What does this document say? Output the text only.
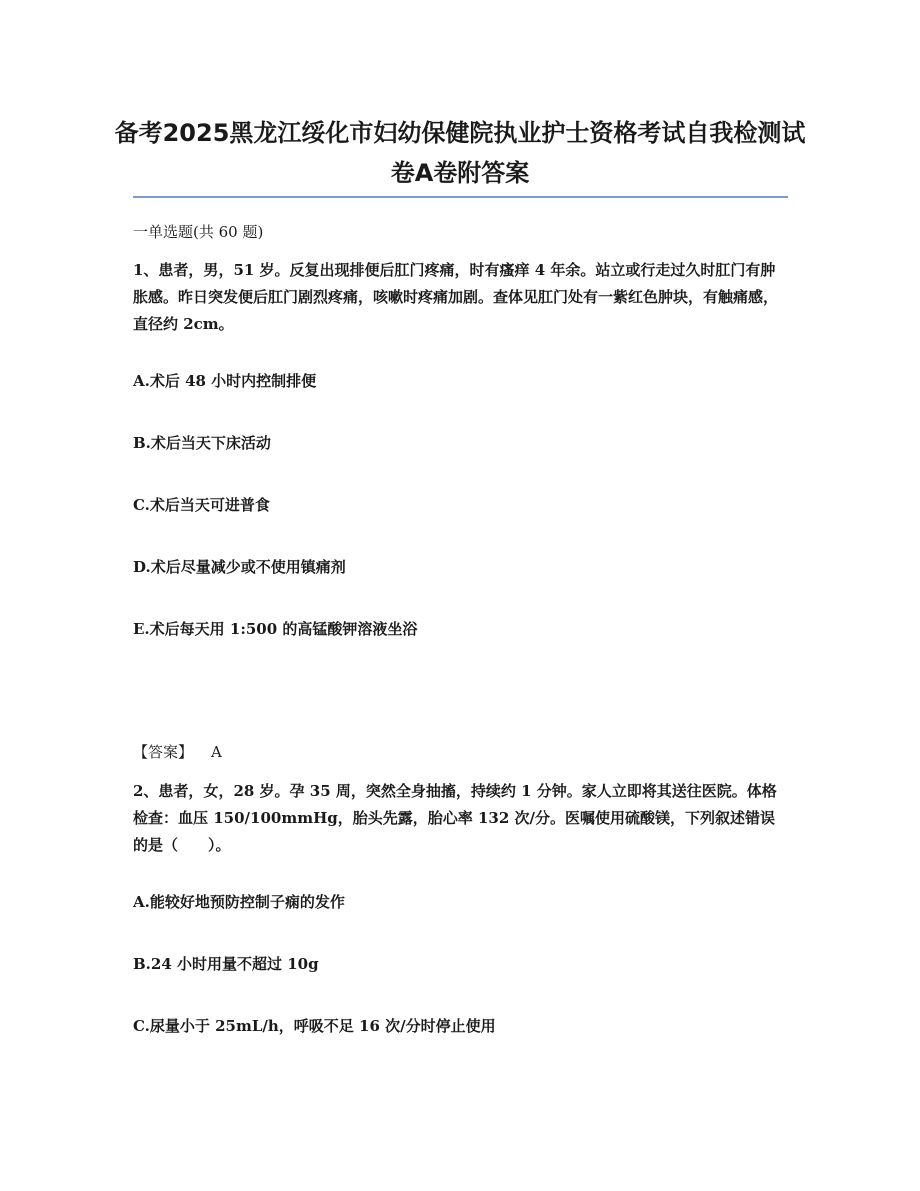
备考2025黑龙江绥化市妇幼保健院执业护士资格考试自我检测试卷A卷附答案

一单选题(共 60 题)

1、患者，男，51 岁。反复出现排便后肛门疼痛，时有瘙痒 4 年余。站立或行走过久时肛门有肿胀感。昨日突发便后肛门剧烈疼痛，咳嗽时疼痛加剧。查体见肛门处有一紫红色肿块，有触痛感，直径约 2cm。

A.术后 48 小时内控制排便

B.术后当天下床活动

C.术后当天可进普食

D.术后尽量减少或不使用镇痛剂

E.术后每天用 1:500 的高锰酸钾溶液坐浴

【答案】 A

2、患者，女，28 岁。孕 35 周，突然全身抽搐，持续约 1 分钟。家人立即将其送往医院。体格检查：血压 150/100mmHg，胎头先露，胎心率 132 次/分。医嘱使用硫酸镁，下列叙述错误的是（　　）。

A.能较好地预防控制子痫的发作

B.24 小时用量不超过 10g

C.尿量小于 25mL/h，呼吸不足 16 次/分时停止使用
